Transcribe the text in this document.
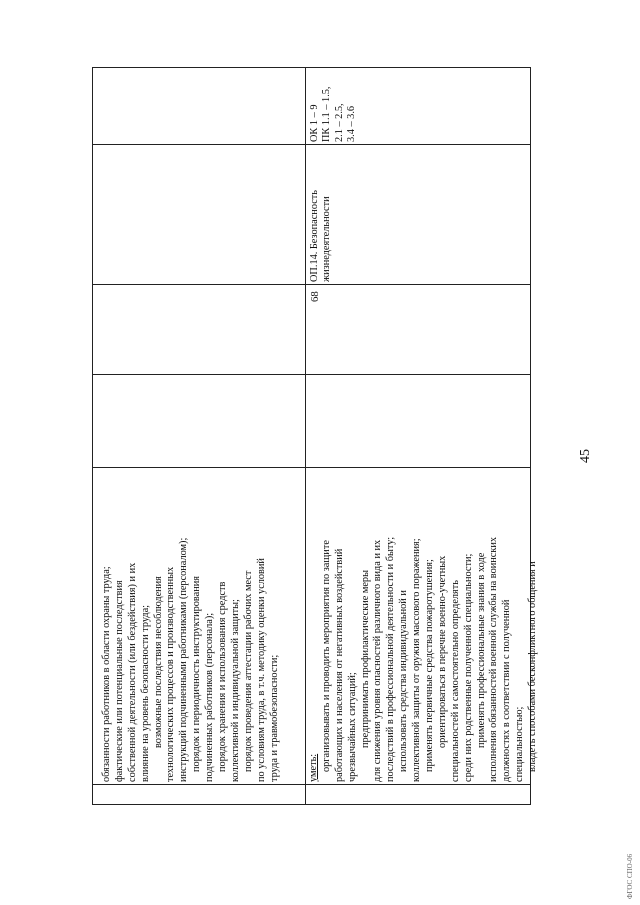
45
ФГОС СПО-06
обязанности работников в области охраны труда; фактические или потенциальные последствия собственной деятельности (или бездействия) и их влияние на уровень безопасности труда; возможные последствия несоблюдения технологических процессов и производственных инструкций подчиненными работниками (персоналом); порядок и периодичность инструктирования подчиненных работников (персонала); порядок хранения и использования средств коллективной и индивидуальной защиты; порядок проведения аттестации рабочих мест по условиям труда, в т.ч. методику оценки условий труда и травмобезопасности;	уметь: организовывать и проводить мероприятия по защите работающих и населения от негативных воздействий чрезвычайных ситуаций; предпринимать профилактические меры для снижения уровня опасностей различного вида и их последствий в профессиональной деятельности и быту; использовать средства индивидуальной и коллективной защиты от оружия массового поражения; применять первичные средства пожаротушения; ориентироваться в перечне военно-учетных специальностей и самостоятельно определять среди них родственные полученной специальности; применять профессиональные знания в ходе исполнения обязанностей военной службы на воинских должностях в соответствии с полученной специальностью; владеть способами бесконфликтного общения и
68
ОП.14. Безопасность жизнедеятельности
ОК 1 – 9 ПК 1.1 – 1.5, 2.1 – 2.5, 3.4 – 3.6
